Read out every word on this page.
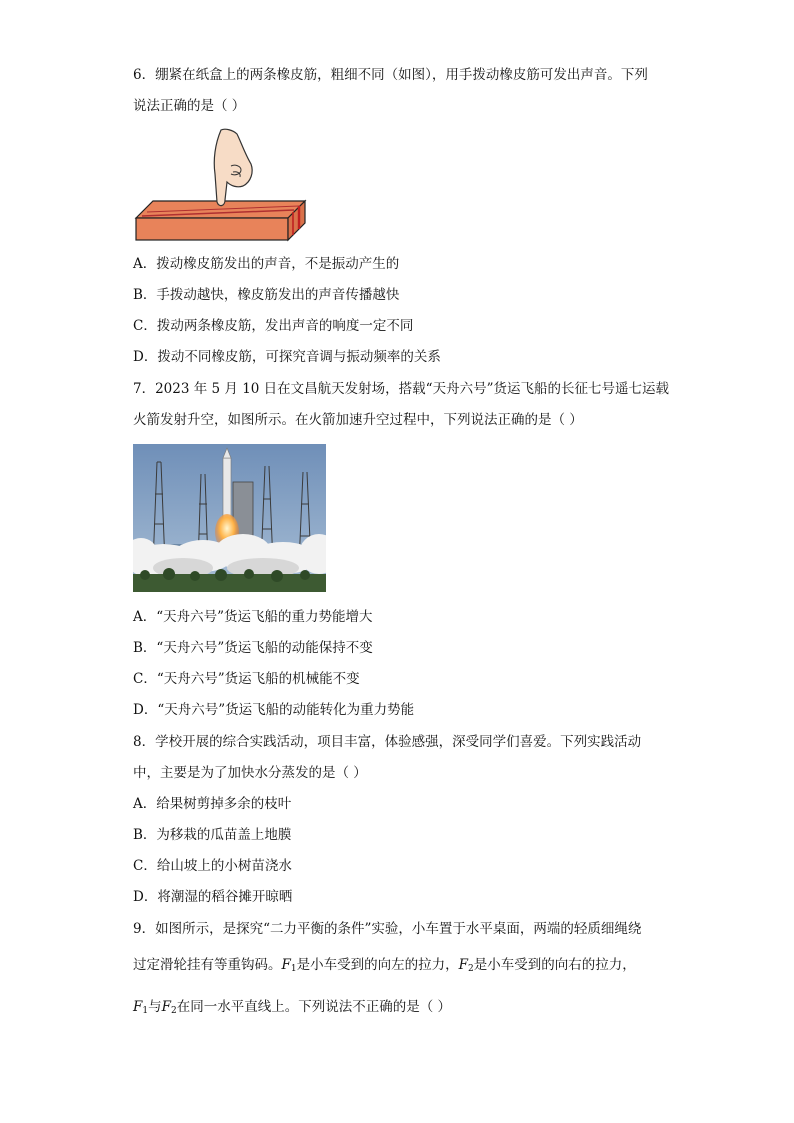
6．绷紧在纸盒上的两条橡皮筋，粗细不同（如图），用手拨动橡皮筋可发出声音。下列
说法正确的是（ ）
A．拨动橡皮筋发出的声音，不是振动产生的
B．手拨动越快，橡皮筋发出的声音传播越快
C．拨动两条橡皮筋，发出声音的响度一定不同
D．拨动不同橡皮筋，可探究音调与振动频率的关系
7．2023 年 5 月 10 日在文昌航天发射场，搭载“天舟六号”货运飞船的长征七号遥七运载
火箭发射升空，如图所示。在火箭加速升空过程中，下列说法正确的是（ ）
A．“天舟六号”货运飞船的重力势能增大
B．“天舟六号”货运飞船的动能保持不变
C．“天舟六号”货运飞船的机械能不变
D．“天舟六号”货运飞船的动能转化为重力势能
8．学校开展的综合实践活动，项目丰富，体验感强，深受同学们喜爱。下列实践活动
中，主要是为了加快水分蒸发的是（ ）
A．给果树剪掉多余的枝叶
B．为移栽的瓜苗盖上地膜
C．给山坡上的小树苗浇水
D．将潮湿的稻谷摊开晾晒
9．如图所示，是探究“二力平衡的条件”实验，小车置于水平桌面，两端的轻质细绳绕
过定滑轮挂有等重钩码。$F_1$是小车受到的向左的拉力，$F_2$是小车受到的向右的拉力，
$F_1$与$F_2$在同一水平直线上。下列说法不正确的是（ ）
